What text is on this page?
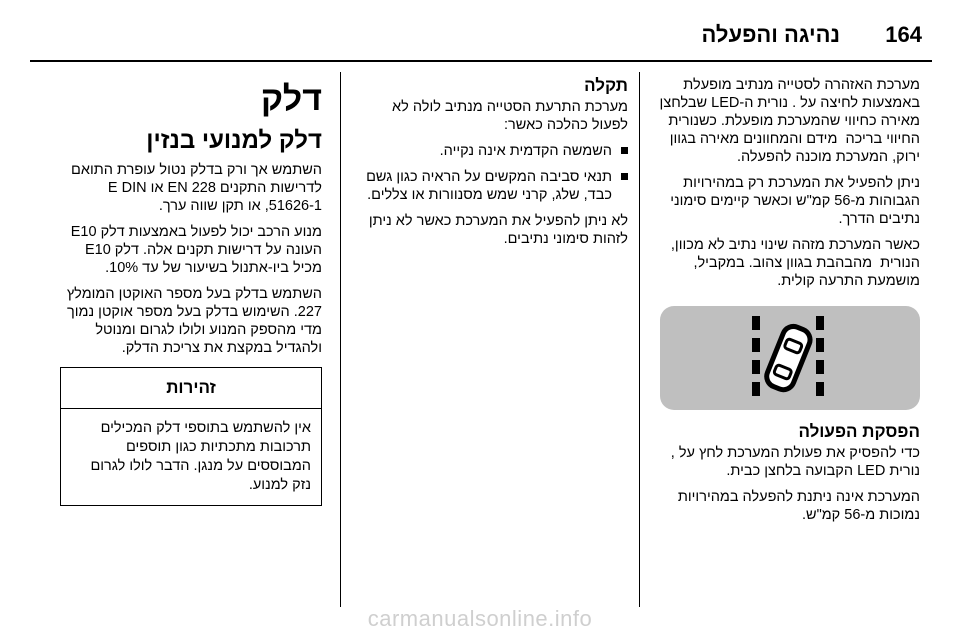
164
נהיגה והפעלה

מערכת האזהרה לסטייה מנתיב מופעלת באמצעות לחיצה על ⁠. נורית ה-LED שבלחצן מאירה כחיווי שהמערכת מופעלת. כשנורית החיווי בריכה ⁠ מידם והמחוונים מאירה בגוון ירוק, המערכת מוכנה להפעלה.

ניתן להפעיל את המערכת רק במהירויות הגבוהות מ-56 קמ"ש וכאשר קיימים סימוני נתיבים הדרך.

כאשר המערכת מזהה שינוי נתיב לא מכוון, הנורית ⁠ מהבהבת בגוון צהוב. במקביל, מושמעת התרעה קולית.

הפסקת הפעולה

כדי להפסיק את פעולת המערכת לחץ על ⁠, נורית LED הקבועה בלחצן כבית.

המערכת אינה ניתנת להפעלה במהירויות נמוכות מ-56 קמ"ש.

תקלה

מערכת התרעת הסטייה מנתיב לולה לא לפעול כהלכה כאשר:

השמשה הקדמית אינה נקייה.
תנאי סביבה המקשים על הראיה כגון גשם כבד, שלג, קרני שמש מסנוורות או צללים.

לא ניתן להפעיל את המערכת כאשר לא ניתן לזהות סימוני נתיבים.

דלק
דלק למנועי בנזין

השתמש אך ורק בדלק נטול עופרת התואם לדרישות התקנים EN 228 או E DIN 51626-1, או תקן שווה ערך.

מנוע הרכב יכול לפעול באמצעות דלק E10 העונה על דרישות תקנים אלה. דלק E10 מכיל ביו-אתנול בשיעור של עד 10%.

השתמש בדלק בעל מספר האוקטן המומלץ ⁠ 227. השימוש בדלק בעל מספר אוקטן נמוך מדי מהספק המנוע ולולו לגרום ומנוטל ולהגדיל במקצת את צריכת הדלק.

זהירות

אין להשתמש בתוספי דלק המכילים תרכובות מתכתיות כגון תוספים המבוססים על מנגן. הדבר לולו לגרום נזק למנוע.

carmanualsonline.info
